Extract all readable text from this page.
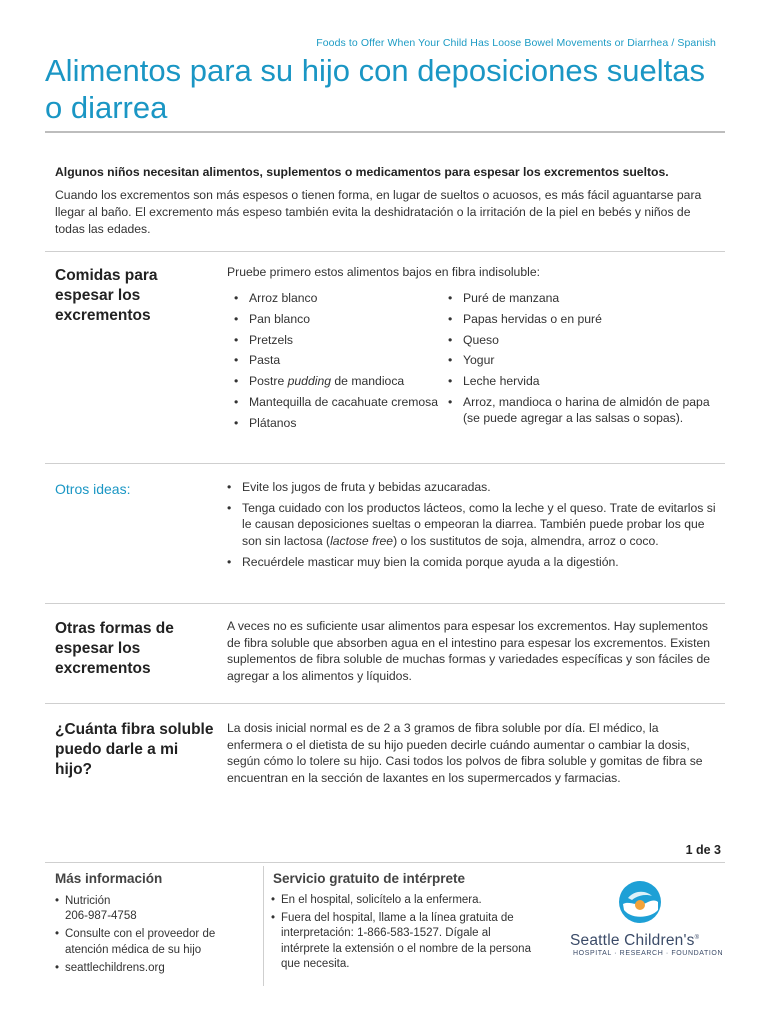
Foods to Offer When Your Child Has Loose Bowel Movements or Diarrhea / Spanish
Alimentos para su hijo con deposiciones sueltas o diarrea
Algunos niños necesitan alimentos, suplementos o medicamentos para espesar los excrementos sueltos.

Cuando los excrementos son más espesos o tienen forma, en lugar de sueltos o acuosos, es más fácil aguantarse para llegar al baño. El excremento más espeso también evita la deshidratación o la irritación de la piel en bebés y niños de todas las edades.

Comidas para espesar los excrementos
Pruebe primero estos alimentos bajos en fibra indisoluble:
• Arroz blanco
• Pan blanco
• Pretzels
• Pasta
• Postre pudding de mandioca
• Mantequilla de cacahuate cremosa
• Plátanos
• Puré de manzana
• Papas hervidas o en puré
• Queso
• Yogur
• Leche hervida
• Arroz, mandioca o harina de almidón de papa (se puede agregar a las salsas o sopas).
Otros ideas:
•	Evite los jugos de fruta y bebidas azucaradas.
• Tenga cuidado con los productos lácteos, como la leche y el queso. Trate de evitarlos si le causan deposiciones sueltas o empeoran la diarrea. También puede probar los que son sin lactosa (lactose free) o los sustitutos de soja, almendra, arroz o coco.
• Recuérdele masticar muy bien la comida porque ayuda a la digestión.
Otras formas de espesar los excrementos

A veces no es suficiente usar alimentos para espesar los excrementos. Hay suplementos de fibra soluble que absorben agua en el intestino para espesar los excrementos. Existen suplementos de fibra soluble de muchas formas y variedades específicas y son fáciles de agregar a los alimentos y líquidos.

¿Cuánta fibra soluble puedo darle a mi hijo?

La dosis inicial normal es de 2 a 3 gramos de fibra soluble por día. El médico, la enfermera o el dietista de su hijo pueden decirle cuándo aumentar o cambiar la dosis, según cómo lo tolere su hijo. Casi todos los polvos de fibra soluble y gomitas de fibra se encuentran en la sección de laxantes en los supermercados y farmacias.

1 de 3
Más información
• Nutrición
206-987-4758
• Consulte con el proveedor de atención médica de su hijo
• seattlechildrens.org
Servicio gratuito de intérprete
• En el hospital, solicítelo a la enfermera.
• Fuera del hospital, llame a la línea gratuita de interpretación: 1-866-583-1527. Dígale al intérprete la extensión o el nombre de la persona que necesita.
Seattle Children's®
HOSPITAL · RESEARCH · FOUNDATION
